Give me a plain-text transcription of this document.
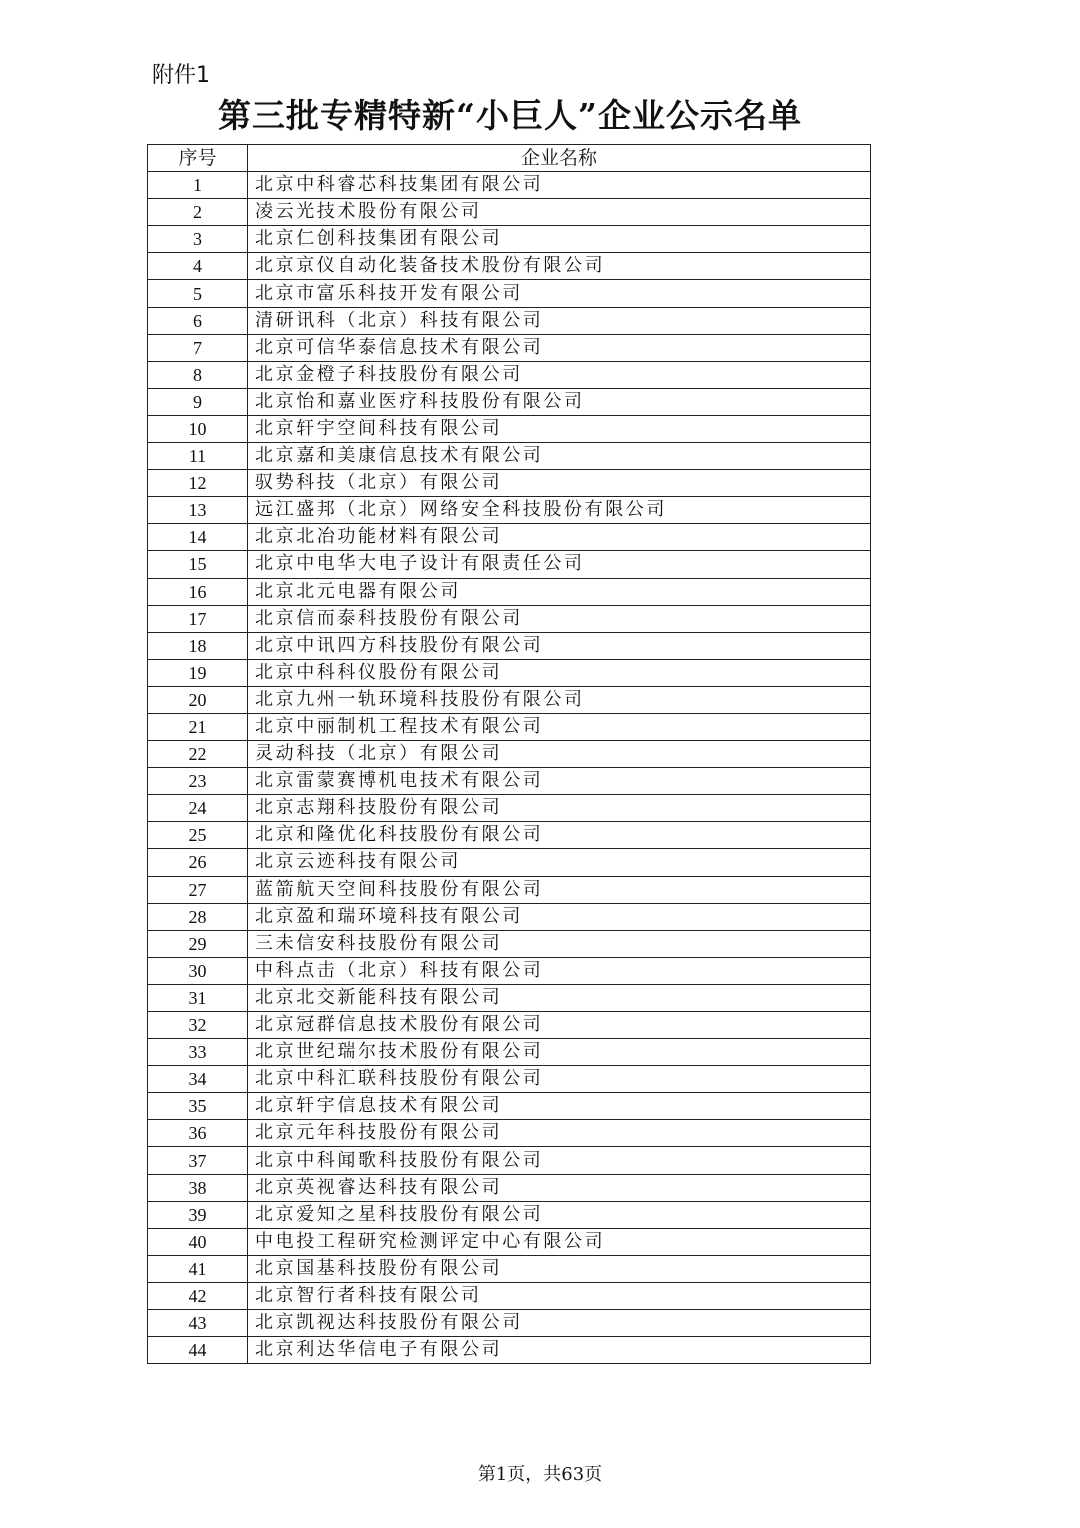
附件1
第三批专精特新“小巨人”企业公示名单
序号	企业名称
1	北京中科睿芯科技集团有限公司
2	凌云光技术股份有限公司
3	北京仁创科技集团有限公司
4	北京京仪自动化装备技术股份有限公司
5	北京市富乐科技开发有限公司
6	清研讯科（北京）科技有限公司
7	北京可信华泰信息技术有限公司
8	北京金橙子科技股份有限公司
9	北京怡和嘉业医疗科技股份有限公司
10	北京轩宇空间科技有限公司
11	北京嘉和美康信息技术有限公司
12	驭势科技（北京）有限公司
13	远江盛邦（北京）网络安全科技股份有限公司
14	北京北冶功能材料有限公司
15	北京中电华大电子设计有限责任公司
16	北京北元电器有限公司
17	北京信而泰科技股份有限公司
18	北京中讯四方科技股份有限公司
19	北京中科科仪股份有限公司
20	北京九州一轨环境科技股份有限公司
21	北京中丽制机工程技术有限公司
22	灵动科技（北京）有限公司
23	北京雷蒙赛博机电技术有限公司
24	北京志翔科技股份有限公司
25	北京和隆优化科技股份有限公司
26	北京云迹科技有限公司
27	蓝箭航天空间科技股份有限公司
28	北京盈和瑞环境科技有限公司
29	三未信安科技股份有限公司
30	中科点击（北京）科技有限公司
31	北京北交新能科技有限公司
32	北京冠群信息技术股份有限公司
33	北京世纪瑞尔技术股份有限公司
34	北京中科汇联科技股份有限公司
35	北京轩宇信息技术有限公司
36	北京元年科技股份有限公司
37	北京中科闻歌科技股份有限公司
38	北京英视睿达科技有限公司
39	北京爱知之星科技股份有限公司
40	中电投工程研究检测评定中心有限公司
41	北京国基科技股份有限公司
42	北京智行者科技有限公司
43	北京凯视达科技股份有限公司
44	北京利达华信电子有限公司
第1页，共63页
